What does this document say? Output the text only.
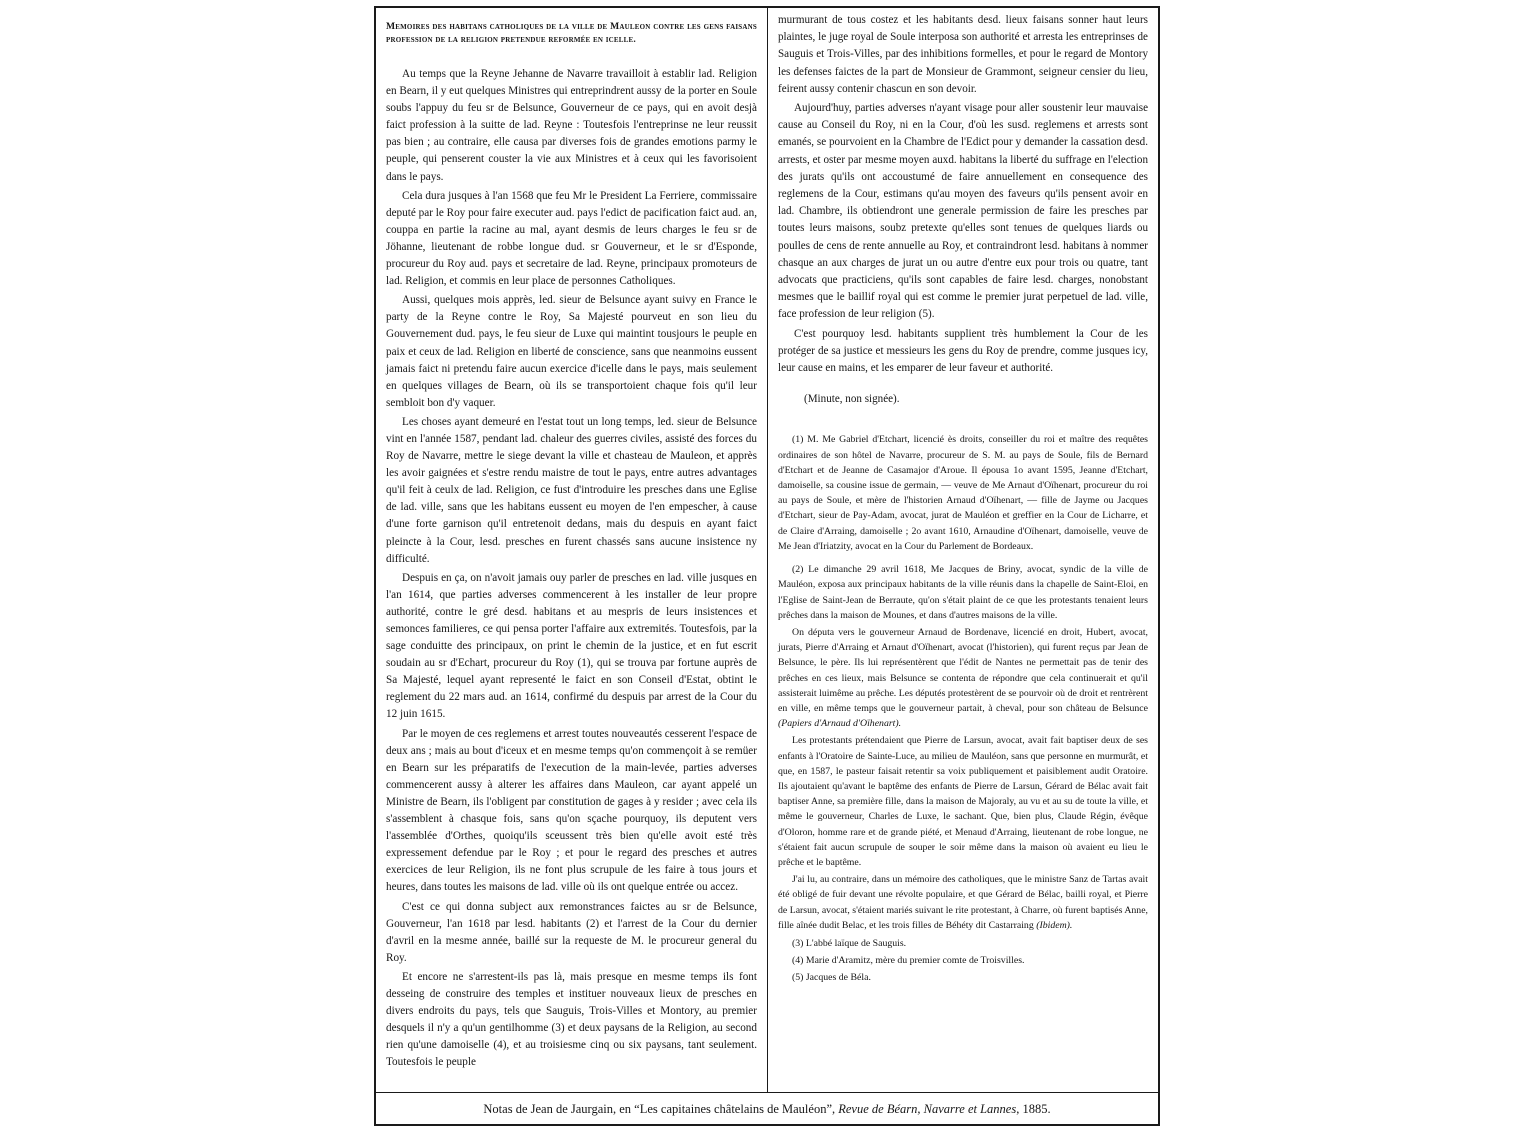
Memoires des habitans catholiques de la ville de Mauleon contre les gens faisans profession de la religion pretendue reformée en icelle.

Au temps que la Reyne Jehanne de Navarre travailloit à establir lad. Religion en Bearn, il y eut quelques Ministres qui entreprindrent aussy de la porter en Soule soubs l'appuy du feu sr de Belsunce, Gouverneur de ce pays, qui en avoit desjà faict profession à la suitte de lad. Reyne : Toutesfois l'entreprinse ne leur reussit pas bien ; au contraire, elle causa par diverses fois de grandes emotions parmy le peuple, qui penserent couster la vie aux Ministres et à ceux qui les favorisoient dans le pays.

Cela dura jusques à l'an 1568 que feu Mr le President La Ferriere, commissaire deputé par le Roy pour faire executer aud. pays l'edict de pacification faict aud. an, couppa en partie la racine au mal, ayant desmis de leurs charges le feu sr de Jöhanne, lieutenant de robbe longue dud. sr Gouverneur, et le sr d'Esponde, procureur du Roy aud. pays et secretaire de lad. Reyne, principaux promoteurs de lad. Religion, et commis en leur place de personnes Catholiques.

Aussi, quelques mois apprès, led. sieur de Belsunce ayant suivy en France le party de la Reyne contre le Roy, Sa Majesté pourveut en son lieu du Gouvernement dud. pays, le feu sieur de Luxe qui maintint tousjours le peuple en paix et ceux de lad. Religion en liberté de conscience, sans que neanmoins eussent jamais faict ni pretendu faire aucun exercice d'icelle dans le pays, mais seulement en quelques villages de Bearn, où ils se transportoient chaque fois qu'il leur sembloit bon d'y vaquer.

Les choses ayant demeuré en l'estat tout un long temps, led. sieur de Belsunce vint en l'année 1587, pendant lad. chaleur des guerres civiles, assisté des forces du Roy de Navarre, mettre le siege devant la ville et chasteau de Mauleon, et apprès les avoir gaignées et s'estre rendu maistre de tout le pays, entre autres advantages qu'il feit à ceulx de lad. Religion, ce fust d'introduire les presches dans une Eglise de lad. ville, sans que les habitans eussent eu moyen de l'en empescher, à cause d'une forte garnison qu'il entretenoit dedans, mais du despuis en ayant faict pleincte à la Cour, lesd. presches en furent chassés sans aucune insistence ny difficulté.

Despuis en ça, on n'avoit jamais ouy parler de presches en lad. ville jusques en l'an 1614, que parties adverses commencerent à les installer de leur propre authorité, contre le gré desd. habitans et au mespris de leurs insistences et semonces familieres, ce qui pensa porter l'affaire aux extremités. Toutesfois, par la sage conduitte des principaux, on print le chemin de la justice, et en fut escrit soudain au sr d'Echart, procureur du Roy (1), qui se trouva par fortune auprès de Sa Majesté, lequel ayant representé le faict en son Conseil d'Estat, obtint le reglement du 22 mars aud. an 1614, confirmé du despuis par arrest de la Cour du 12 juin 1615.

Par le moyen de ces reglemens et arrest toutes nouveautés cesserent l'espace de deux ans ; mais au bout d'iceux et en mesme temps qu'on commençoit à se remüer en Bearn sur les préparatifs de l'execution de la main-levée, parties adverses commencerent aussy à alterer les affaires dans Mauleon, car ayant appelé un Ministre de Bearn, ils l'obligent par constitution de gages à y resider ; avec cela ils s'assemblent à chasque fois, sans qu'on sçache pourquoy, ils deputent vers l'assemblée d'Orthes, quoiqu'ils sceussent très bien qu'elle avoit esté très expressement defendue par le Roy ; et pour le regard des presches et autres exercices de leur Religion, ils ne font plus scrupule de les faire à tous jours et heures, dans toutes les maisons de lad. ville où ils ont quelque entrée ou accez.

C'est ce qui donna subject aux remonstrances faictes au sr de Belsunce, Gouverneur, l'an 1618 par lesd. habitants (2) et l'arrest de la Cour du dernier d'avril en la mesme année, baillé sur la requeste de M. le procureur general du Roy.

Et encore ne s'arrestent-ils pas là, mais presque en mesme temps ils font desseing de construire des temples et instituer nouveaux lieux de presches en divers endroits du pays, tels que Sauguis, Trois-Villes et Montory, au premier desquels il n'y a qu'un gentilhomme (3) et deux paysans de la Religion, au second rien qu'une damoiselle (4), et au troisiesme cinq ou six paysans, tant seulement. Toutesfois le peuple

murmurant de tous costez et les habitants desd. lieux faisans sonner haut leurs plaintes, le juge royal de Soule interposa son authorité et arresta les entreprinses de Sauguis et Trois-Villes, par des inhibitions formelles, et pour le regard de Montory les defenses faictes de la part de Monsieur de Grammont, seigneur censier du lieu, feirent aussy contenir chascun en son devoir.

Aujourd'huy, parties adverses n'ayant visage pour aller soustenir leur mauvaise cause au Conseil du Roy, ni en la Cour, d'où les susd. reglemens et arrests sont emanés, se pourvoient en la Chambre de l'Edict pour y demander la cassation desd. arrests, et oster par mesme moyen auxd. habitans la liberté du suffrage en l'election des jurats qu'ils ont accoustumé de faire annuellement en consequence des reglemens de la Cour, estimans qu'au moyen des faveurs qu'ils pensent avoir en lad. Chambre, ils obtiendront une generale permission de faire les presches par toutes leurs maisons, soubz pretexte qu'elles sont tenues de quelques liards ou poulles de cens de rente annuelle au Roy, et contraindront lesd. habitans à nommer chasque an aux charges de jurat un ou autre d'entre eux pour trois ou quatre, tant advocats que practiciens, qu'ils sont capables de faire lesd. charges, nonobstant mesmes que le baillif royal qui est comme le premier jurat perpetuel de lad. ville, face profession de leur religion (5).

C'est pourquoy lesd. habitants supplient très humblement la Cour de les protéger de sa justice et messieurs les gens du Roy de prendre, comme jusques icy, leur cause en mains, et les emparer de leur faveur et authorité.

(Minute, non signée).

(1) M. Me Gabriel d'Etchart, licencié ès droits, conseiller du roi et maître des requêtes ordinaires de son hôtel de Navarre, procureur de S. M. au pays de Soule, fils de Bernard d'Etchart et de Jeanne de Casamajor d'Aroue. Il épousa 1o avant 1595, Jeanne d'Etchart, damoiselle, sa cousine issue de germain, — veuve de Me Arnaut d'Oïhenart, procureur du roi au pays de Soule, et mère de l'historien Arnaud d'Oïhenart, — fille de Jayme ou Jacques d'Etchart, sieur de Pay-Adam, avocat, jurat de Mauléon et greffier en la Cour de Licharre, et de Claire d'Arraing, damoiselle ; 2o avant 1610, Arnaudine d'Oïhenart, damoiselle, veuve de Me Jean d'Iriatzity, avocat en la Cour du Parlement de Bordeaux.

(2) Le dimanche 29 avril 1618, Me Jacques de Briny, avocat, syndic de la ville de Mauléon, exposa aux principaux habitants de la ville réunis dans la chapelle de Saint-Eloi, en l'Eglise de Saint-Jean de Berraute, qu'on s'était plaint de ce que les protestants tenaient leurs prêches dans la maison de Mounes, et dans d'autres maisons de la ville.

On députa vers le gouverneur Arnaud de Bordenave, licencié en droit, Hubert, avocat, jurats, Pierre d'Arraing et Arnaut d'Oïhenart, avocat (l'historien), qui furent reçus par Jean de Belsunce, le père. Ils lui représentèrent que l'édit de Nantes ne permettait pas de tenir des prêches en ces lieux, mais Belsunce se contenta de répondre que cela continuerait et qu'il assisterait luimême au prêche. Les députés protestèrent de se pourvoir où de droit et rentrèrent en ville, en même temps que le gouverneur partait, à cheval, pour son château de Belsunce (Papiers d'Arnaud d'Oïhenart).

Les protestants prétendaient que Pierre de Larsun, avocat, avait fait baptiser deux de ses enfants à l'Oratoire de Sainte-Luce, au milieu de Mauléon, sans que personne en murmurât, et que, en 1587, le pasteur faisait retentir sa voix publiquement et paisiblement audit Oratoire. Ils ajoutaient qu'avant le baptême des enfants de Pierre de Larsun, Gérard de Bélac avait fait baptiser Anne, sa première fille, dans la maison de Majoraly, au vu et au su de toute la ville, et même le gouverneur, Charles de Luxe, le sachant. Que, bien plus, Claude Régin, évêque d'Oloron, homme rare et de grande piété, et Menaud d'Arraing, lieutenant de robe longue, ne s'étaient fait aucun scrupule de souper le soir même dans la maison où avaient eu lieu le prêche et le baptême.

J'ai lu, au contraire, dans un mémoire des catholiques, que le ministre Sanz de Tartas avait été obligé de fuir devant une révolte populaire, et que Gérard de Bélac, bailli royal, et Pierre de Larsun, avocat, s'étaient mariés suivant le rite protestant, à Charre, où furent baptisés Anne, fille aînée dudit Belac, et les trois filles de Béhéty dit Castarraing (Ibidem).

(3) L'abbé laïque de Sauguis.

(4) Marie d'Aramitz, mère du premier comte de Troisvilles.

(5) Jacques de Béla.

Notas de Jean de Jaurgain, en “Les capitaines châtelains de Mauléon”, Revue de Béarn, Navarre et Lannes, 1885.
